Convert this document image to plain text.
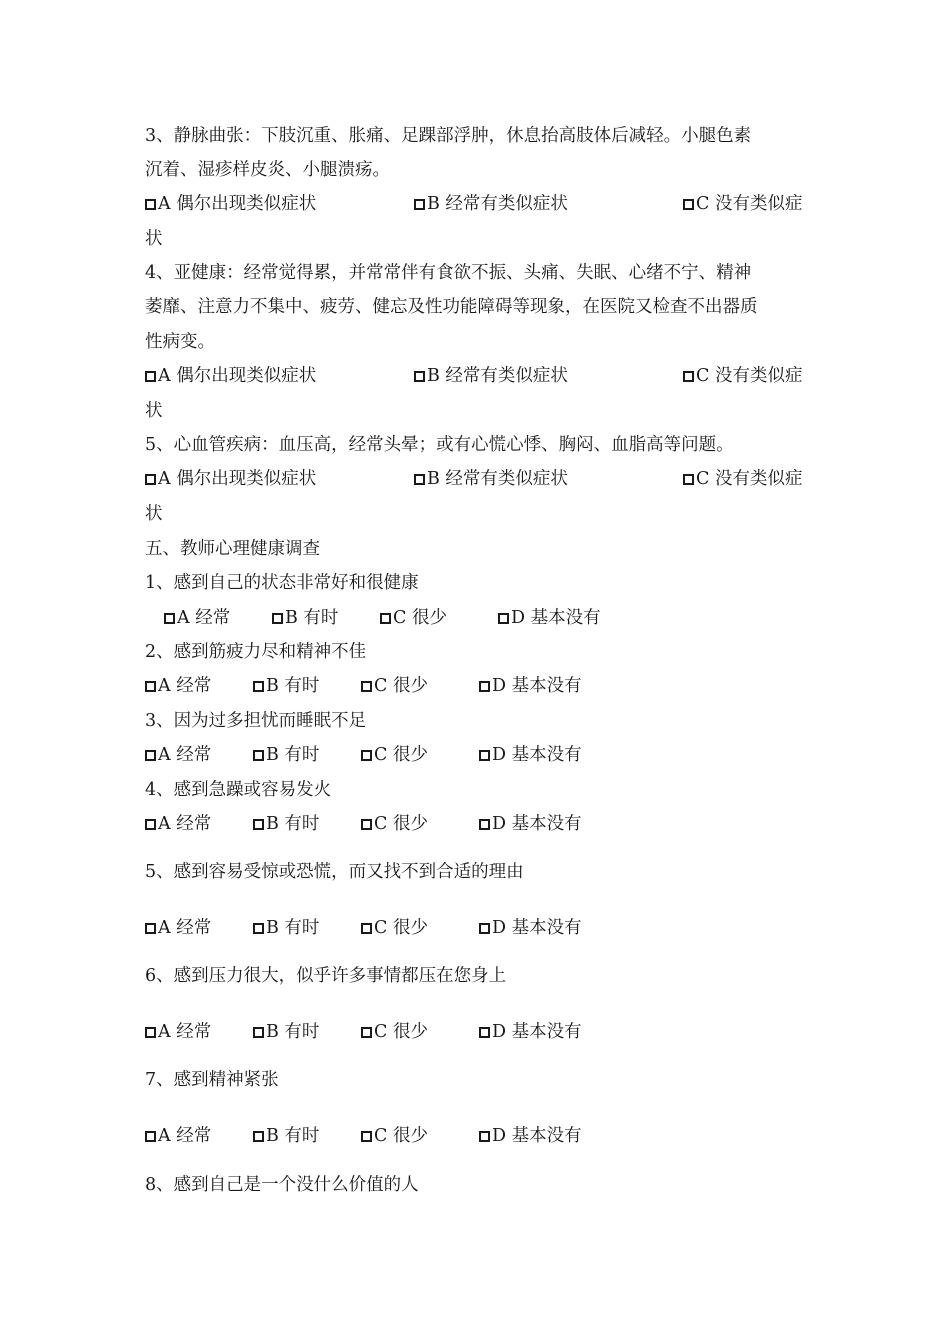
3、静脉曲张：下肢沉重、胀痛、足踝部浮肿，休息抬高肢体后减轻。小腿色素
沉着、湿疹样皮炎、小腿溃疡。
A 偶尔出现类似症状	B 经常有类似症状	C 没有类似症
状
4、亚健康：经常觉得累，并常常伴有食欲不振、头痛、失眠、心绪不宁、精神
萎靡、注意力不集中、疲劳、健忘及性功能障碍等现象，在医院又检查不出器质
性病变。
A 偶尔出现类似症状	B 经常有类似症状	C 没有类似症
状
5、心血管疾病：血压高，经常头晕；或有心慌心悸、胸闷、血脂高等问题。
A 偶尔出现类似症状	B 经常有类似症状	C 没有类似症
状
五、教师心理健康调查
1、感到自己的状态非常好和很健康
A 经常	B 有时	C 很少	D 基本没有
2、感到筋疲力尽和精神不佳
A 经常	B 有时	C 很少	D 基本没有
3、因为过多担忧而睡眠不足
A 经常	B 有时	C 很少	D 基本没有
4、感到急躁或容易发火
A 经常	B 有时	C 很少	D 基本没有
5、感到容易受惊或恐慌，而又找不到合适的理由
A 经常	B 有时	C 很少	D 基本没有
6、感到压力很大，似乎许多事情都压在您身上
A 经常	B 有时	C 很少	D 基本没有
7、感到精神紧张
A 经常	B 有时	C 很少	D 基本没有
8、感到自己是一个没什么价值的人
